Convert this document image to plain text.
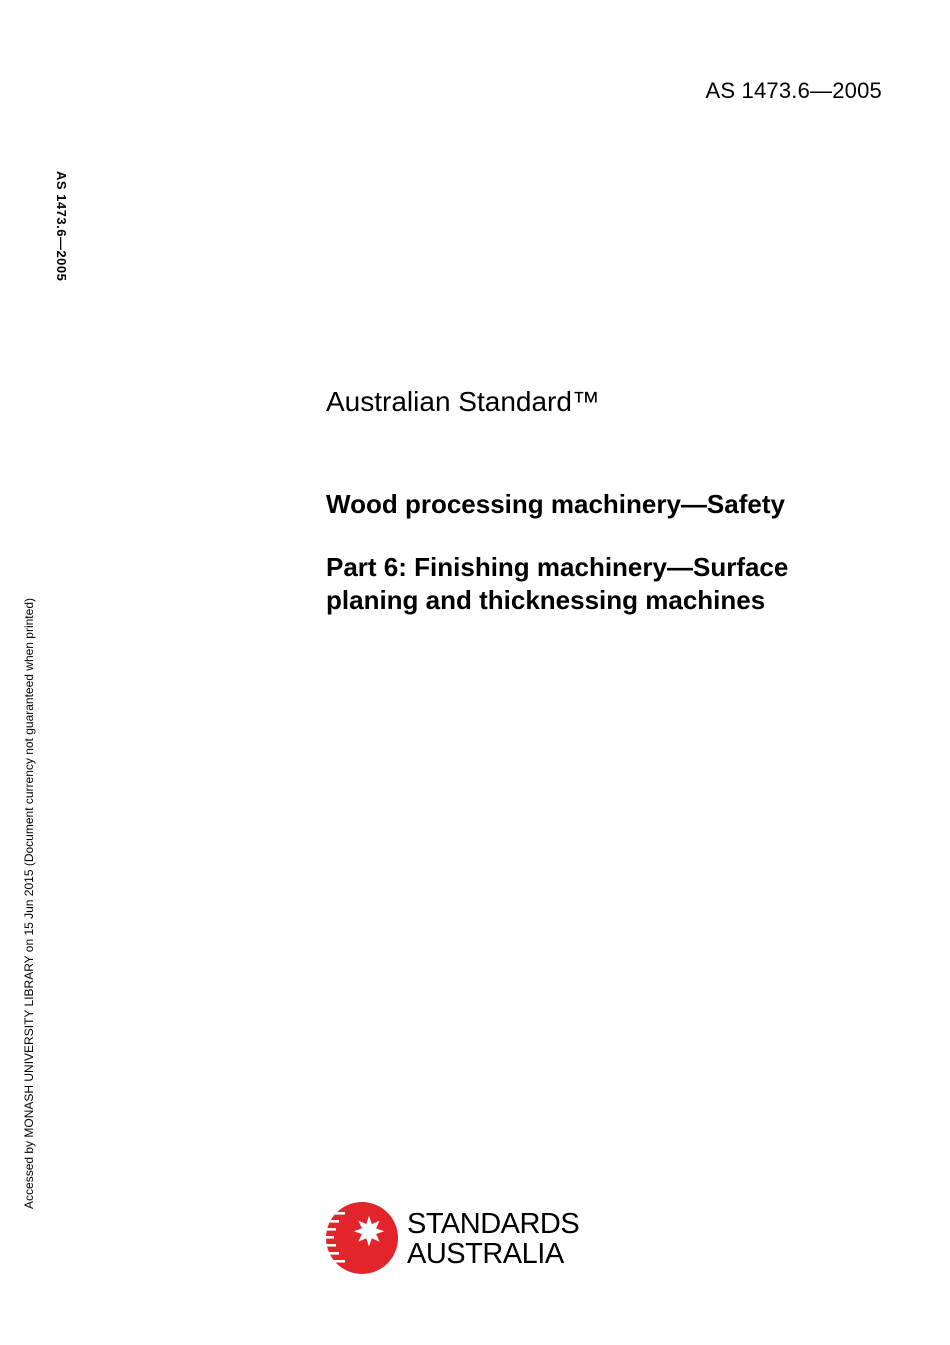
AS 1473.6—2005
AS 1473.6—2005
Accessed by MONASH UNIVERSITY LIBRARY on 15 Jun 2015 (Document currency not guaranteed when printed)
Australian Standard™
Wood processing machinery—Safety
Part 6: Finishing machinery—Surface
planing and thicknessing machines
STANDARDS
AUSTRALIA
